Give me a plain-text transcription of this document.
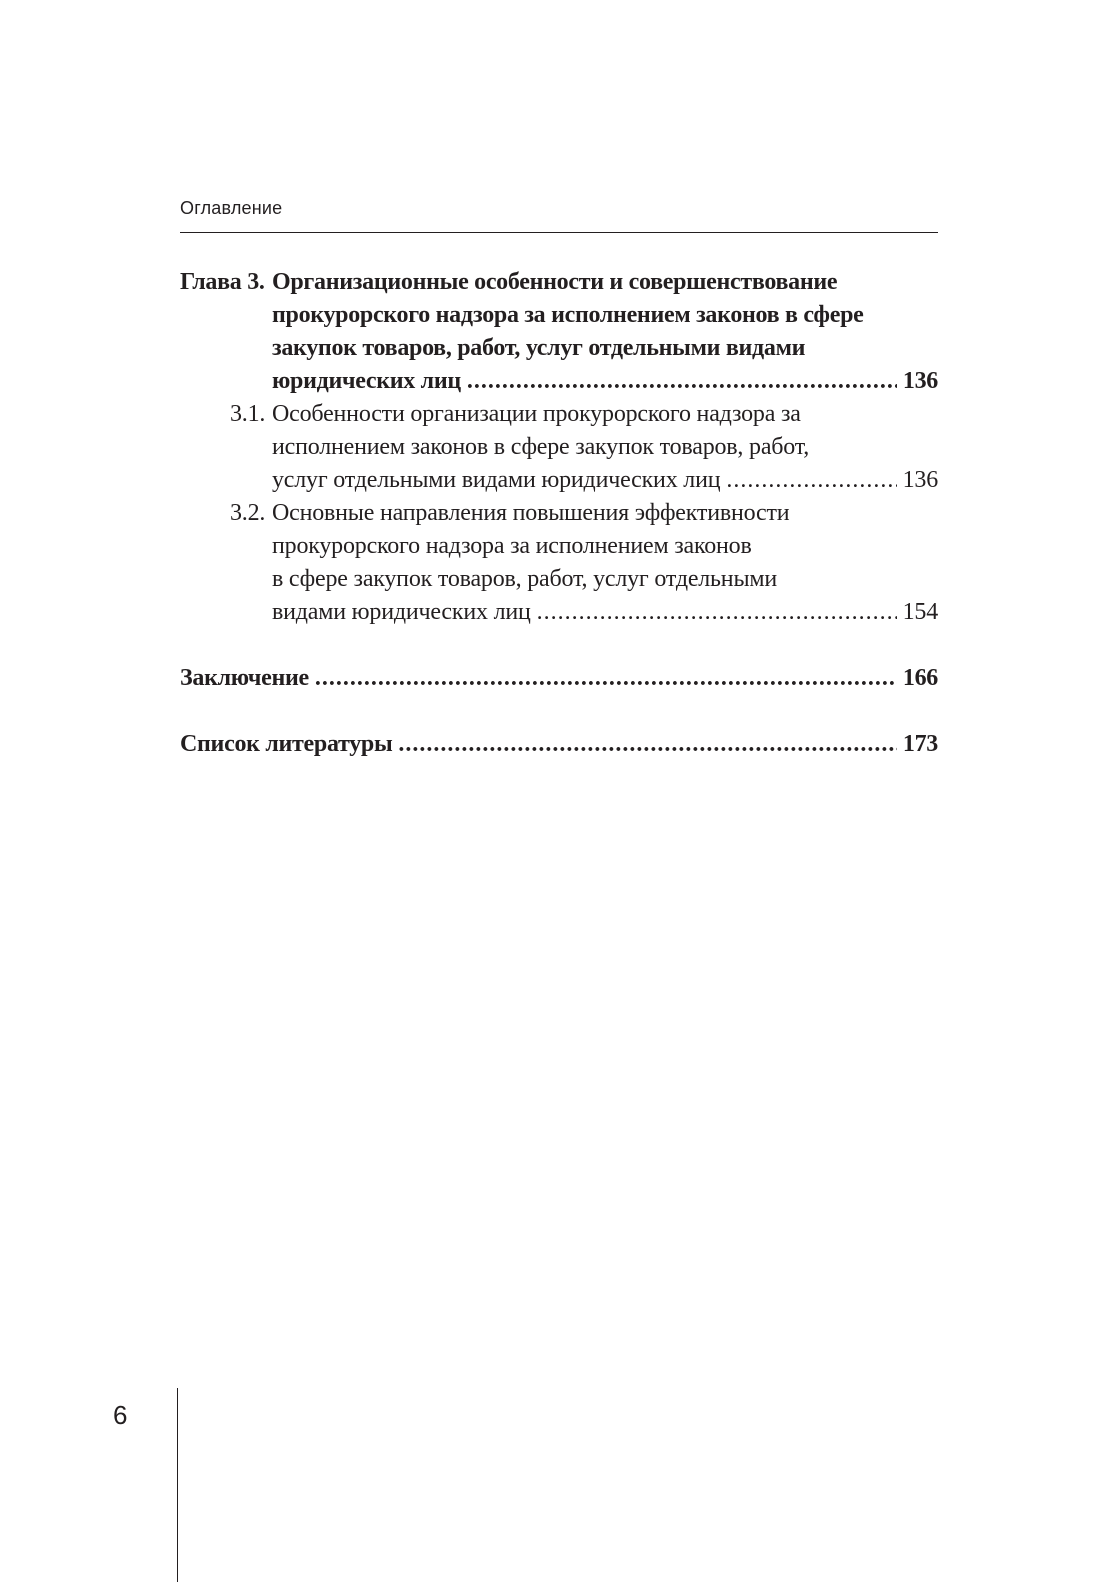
Оглавление
Глава 3. Организационные особенности и совершенствование
прокурорского надзора за исполнением законов в сфере
закупок товаров, работ, услуг отдельными видами
юридических лиц .....	136
3.1. Особенности организации прокурорского надзора за
исполнением законов в сфере закупок товаров, работ,
услуг отдельными видами юридических лиц .....	136
3.2. Основные направления повышения эффективности
прокурорского надзора за исполнением законов
в сфере закупок товаров, работ, услуг отдельными
видами юридических лиц .....	154
Заключение .....	166
Список литературы .....	173
6
